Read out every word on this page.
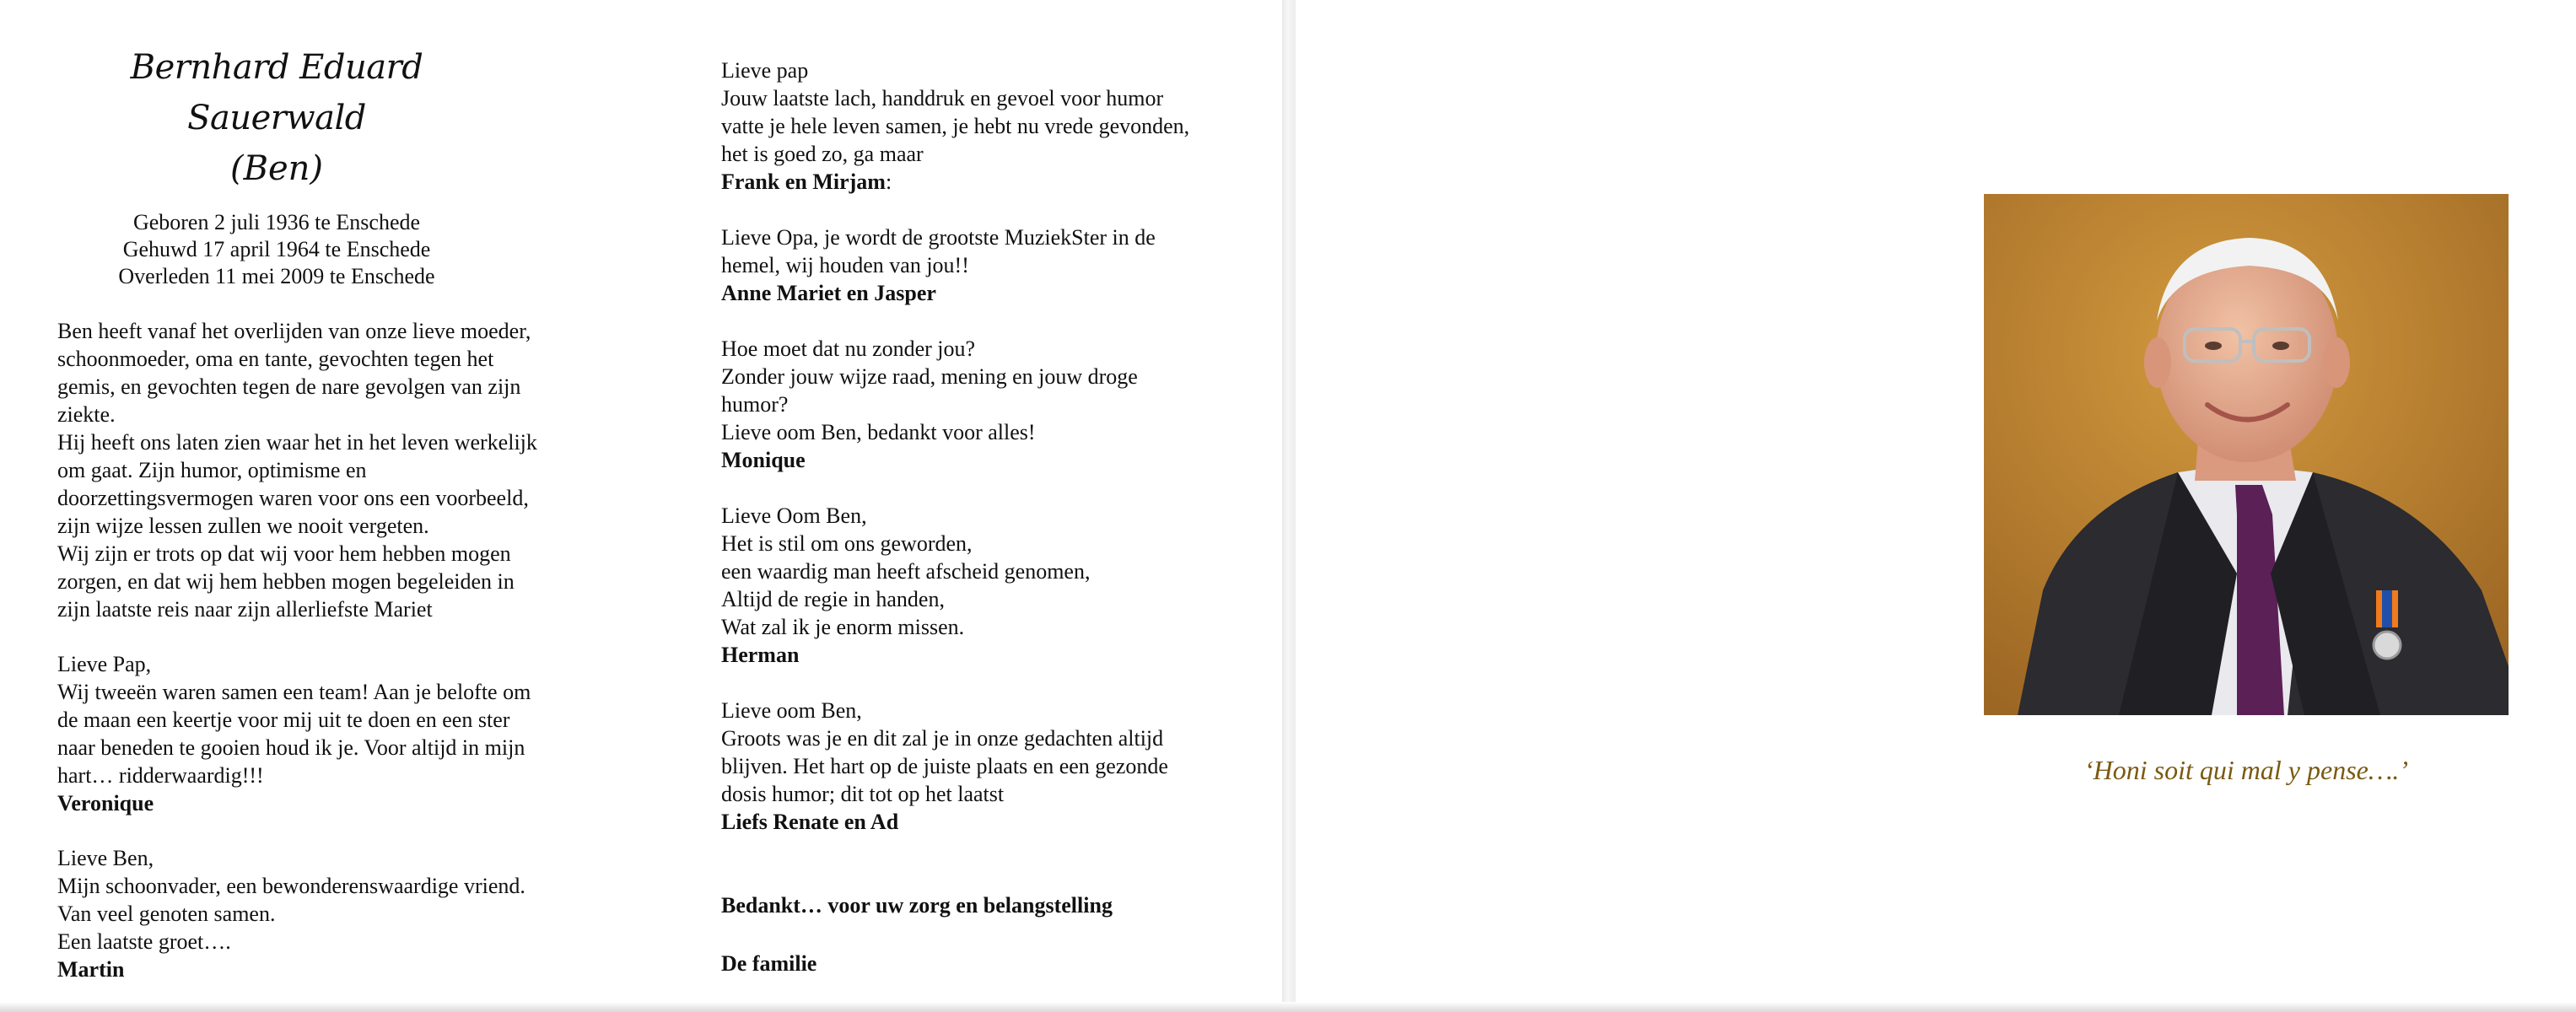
Bernhard Eduard Sauerwald
(Ben)
Geboren 2 juli 1936 te Enschede
Gehuwd 17 april 1964 te Enschede
Overleden 11 mei 2009 te Enschede
Ben heeft vanaf het overlijden van onze lieve moeder,
schoonmoeder, oma en tante, gevochten tegen het
gemis, en gevochten tegen de nare gevolgen van zijn
ziekte.
Hij heeft ons laten zien waar het in het leven werkelijk
om gaat. Zijn humor, optimisme en
doorzettingsvermogen waren voor ons een voorbeeld,
zijn wijze lessen zullen we nooit vergeten.
Wij zijn er trots op dat wij voor hem hebben mogen
zorgen, en dat wij hem hebben mogen begeleiden in
zijn laatste reis naar zijn allerliefste Mariet
Lieve Pap,
Wij tweeën waren samen een team! Aan je belofte om
de maan een keertje voor mij uit te doen en een ster
naar beneden te gooien houd ik je. Voor altijd in mijn
hart… ridderwaardig!!!
Veronique
Lieve Ben,
Mijn schoonvader, een bewonderenswaardige vriend.
Van veel genoten samen.
Een laatste groet….
Martin
Lieve pap
Jouw laatste lach, handdruk en gevoel voor humor
vatte je hele leven samen, je hebt nu vrede gevonden,
het is goed zo, ga maar
Frank en Mirjam:
Lieve Opa, je wordt de grootste MuziekSter in de
hemel, wij houden van jou!!
Anne Mariet en Jasper
Hoe moet dat nu zonder jou?
Zonder jouw wijze raad, mening en jouw droge
humor?
Lieve oom Ben, bedankt voor alles!
Monique
Lieve Oom Ben,
Het is stil om ons geworden,
een waardig man heeft afscheid genomen,
Altijd de regie in handen,
Wat zal ik je enorm missen.
Herman
Lieve oom Ben,
Groots was je en dit zal je in onze gedachten altijd
blijven. Het hart op de juiste plaats en een gezonde
dosis humor; dit tot op het laatst
Liefs Renate en Ad
Bedankt… voor uw zorg en belangstelling
De familie
‘Honi soit qui mal y pense….’
